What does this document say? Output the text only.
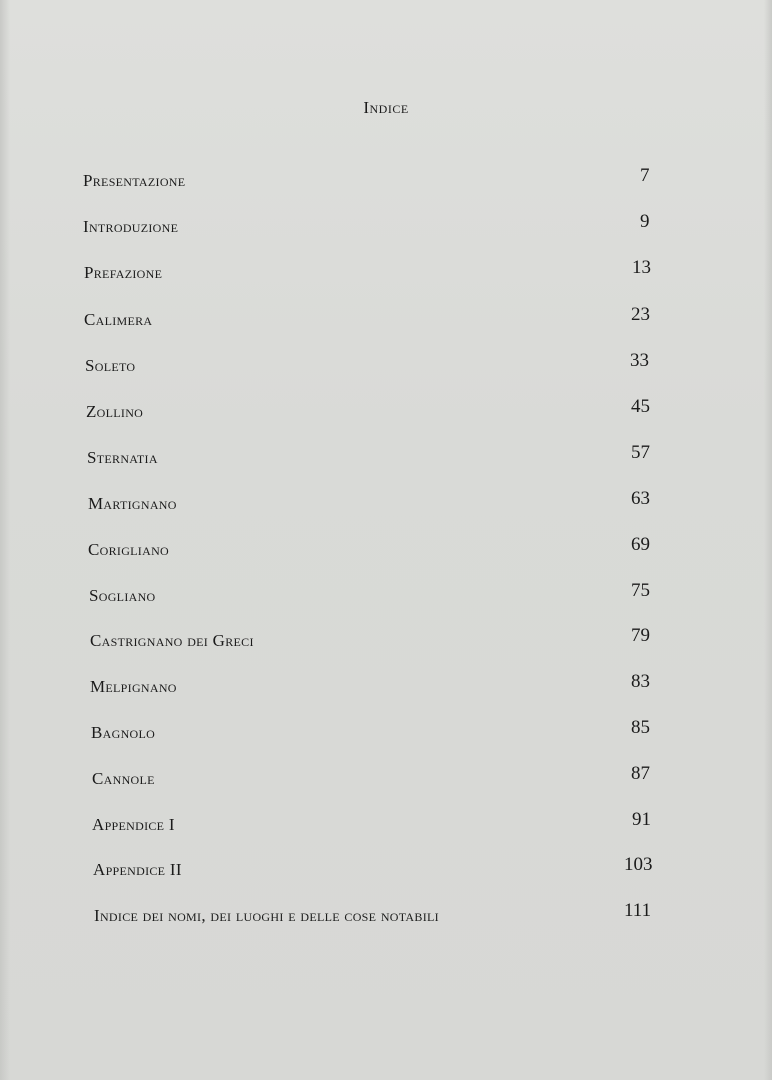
Indice
Presentazione	7
Introduzione	9
Prefazione	13
Calimera	23
Soleto	33
Zollino	45
Sternatia	57
Martignano	63
Corigliano	69
Sogliano	75
Castrignano dei Greci	79
Melpignano	83
Bagnolo	85
Cannole	87
Appendice I	91
Appendice II	103
Indice dei nomi, dei luoghi e delle cose notabili	111
